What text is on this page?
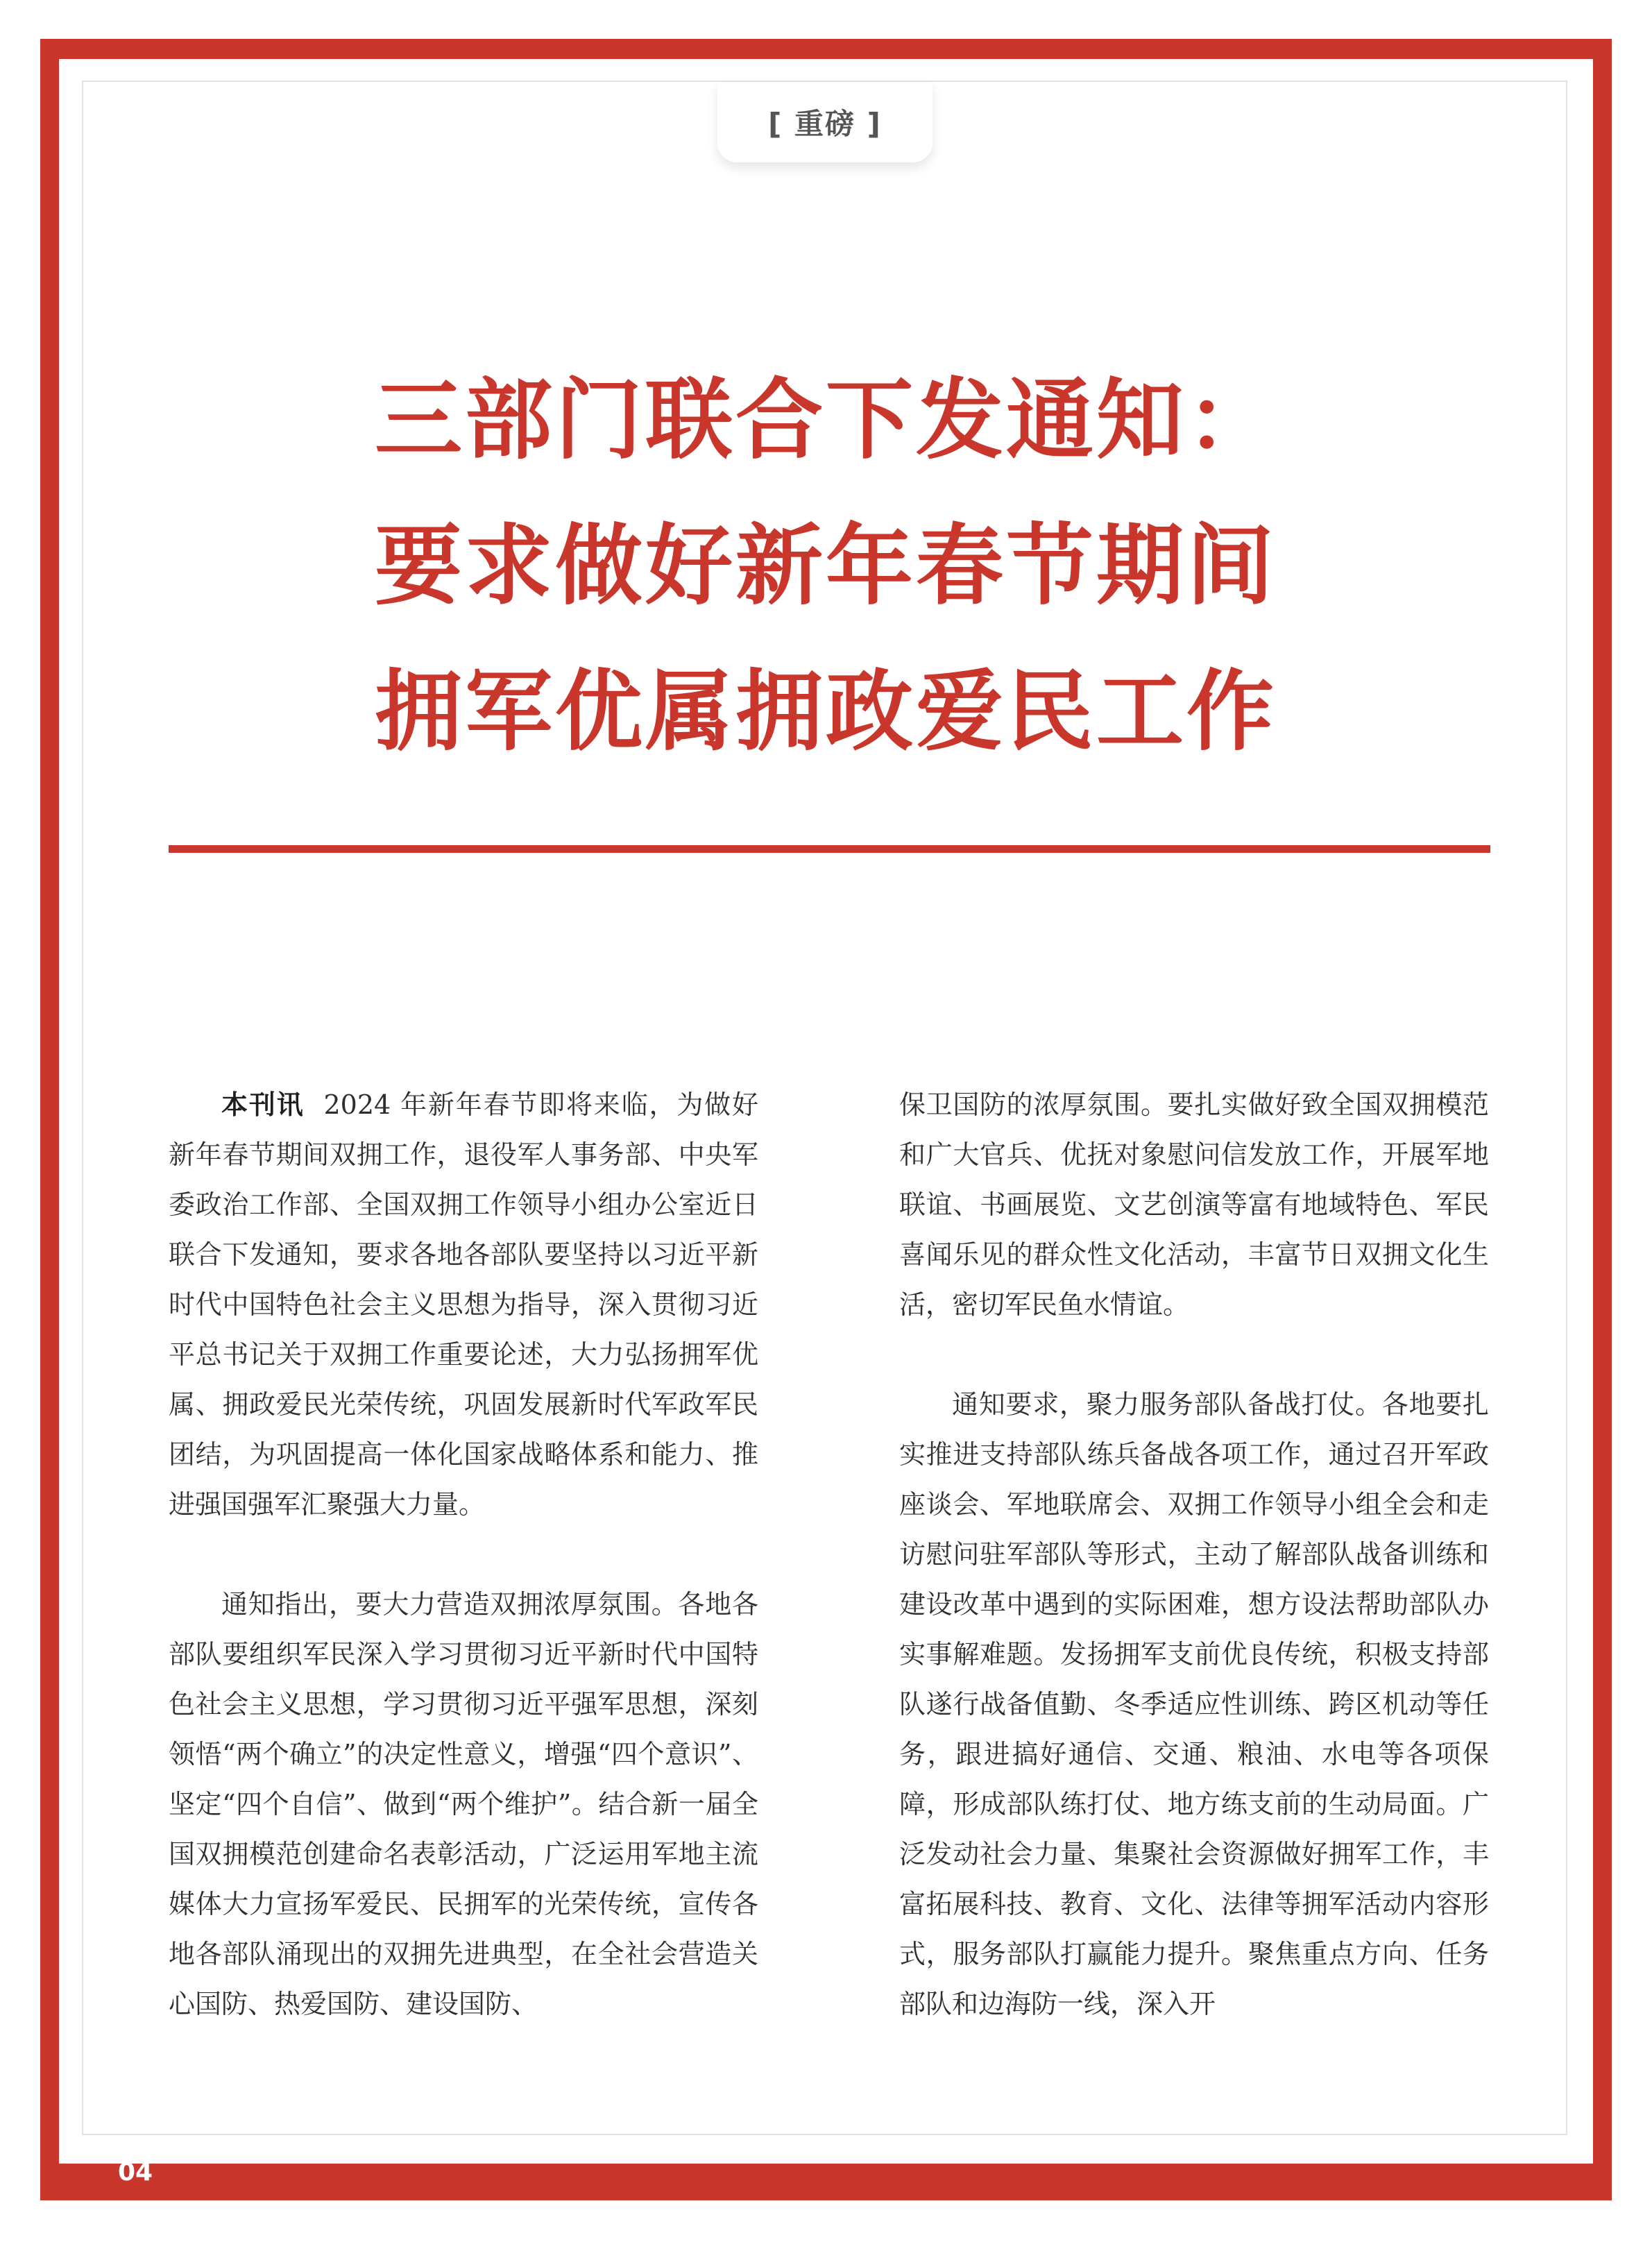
[ 重磅 ]
三部门联合下发通知：
要求做好新年春节期间
拥军优属拥政爱民工作

本刊讯 2024 年新年春节即将来临，为做好新年春节期间双拥工作，退役军人事务部、中央军委政治工作部、全国双拥工作领导小组办公室近日联合下发通知，要求各地各部队要坚持以习近平新时代中国特色社会主义思想为指导，深入贯彻习近平总书记关于双拥工作重要论述，大力弘扬拥军优属、拥政爱民光荣传统，巩固发展新时代军政军民团结，为巩固提高一体化国家战略体系和能力、推进强国强军汇聚强大力量。

通知指出，要大力营造双拥浓厚氛围。各地各部队要组织军民深入学习贯彻习近平新时代中国特色社会主义思想，学习贯彻习近平强军思想，深刻领悟“两个确立”的决定性意义，增强“四个意识”、坚定“四个自信”、做到“两个维护”。结合新一届全国双拥模范创建命名表彰活动，广泛运用军地主流媒体大力宣扬军爱民、民拥军的光荣传统，宣传各地各部队涌现出的双拥先进典型，在全社会营造关心国防、热爱国防、建设国防、

保卫国防的浓厚氛围。要扎实做好致全国双拥模范和广大官兵、优抚对象慰问信发放工作，开展军地联谊、书画展览、文艺创演等富有地域特色、军民喜闻乐见的群众性文化活动，丰富节日双拥文化生活，密切军民鱼水情谊。

通知要求，聚力服务部队备战打仗。各地要扎实推进支持部队练兵备战各项工作，通过召开军政座谈会、军地联席会、双拥工作领导小组全会和走访慰问驻军部队等形式，主动了解部队战备训练和建设改革中遇到的实际困难，想方设法帮助部队办实事解难题。发扬拥军支前优良传统，积极支持部队遂行战备值勤、冬季适应性训练、跨区机动等任务，跟进搞好通信、交通、粮油、水电等各项保障，形成部队练打仗、地方练支前的生动局面。广泛发动社会力量、集聚社会资源做好拥军工作，丰富拓展科技、教育、文化、法律等拥军活动内容形式，服务部队打赢能力提升。聚焦重点方向、任务部队和边海防一线，深入开

04
